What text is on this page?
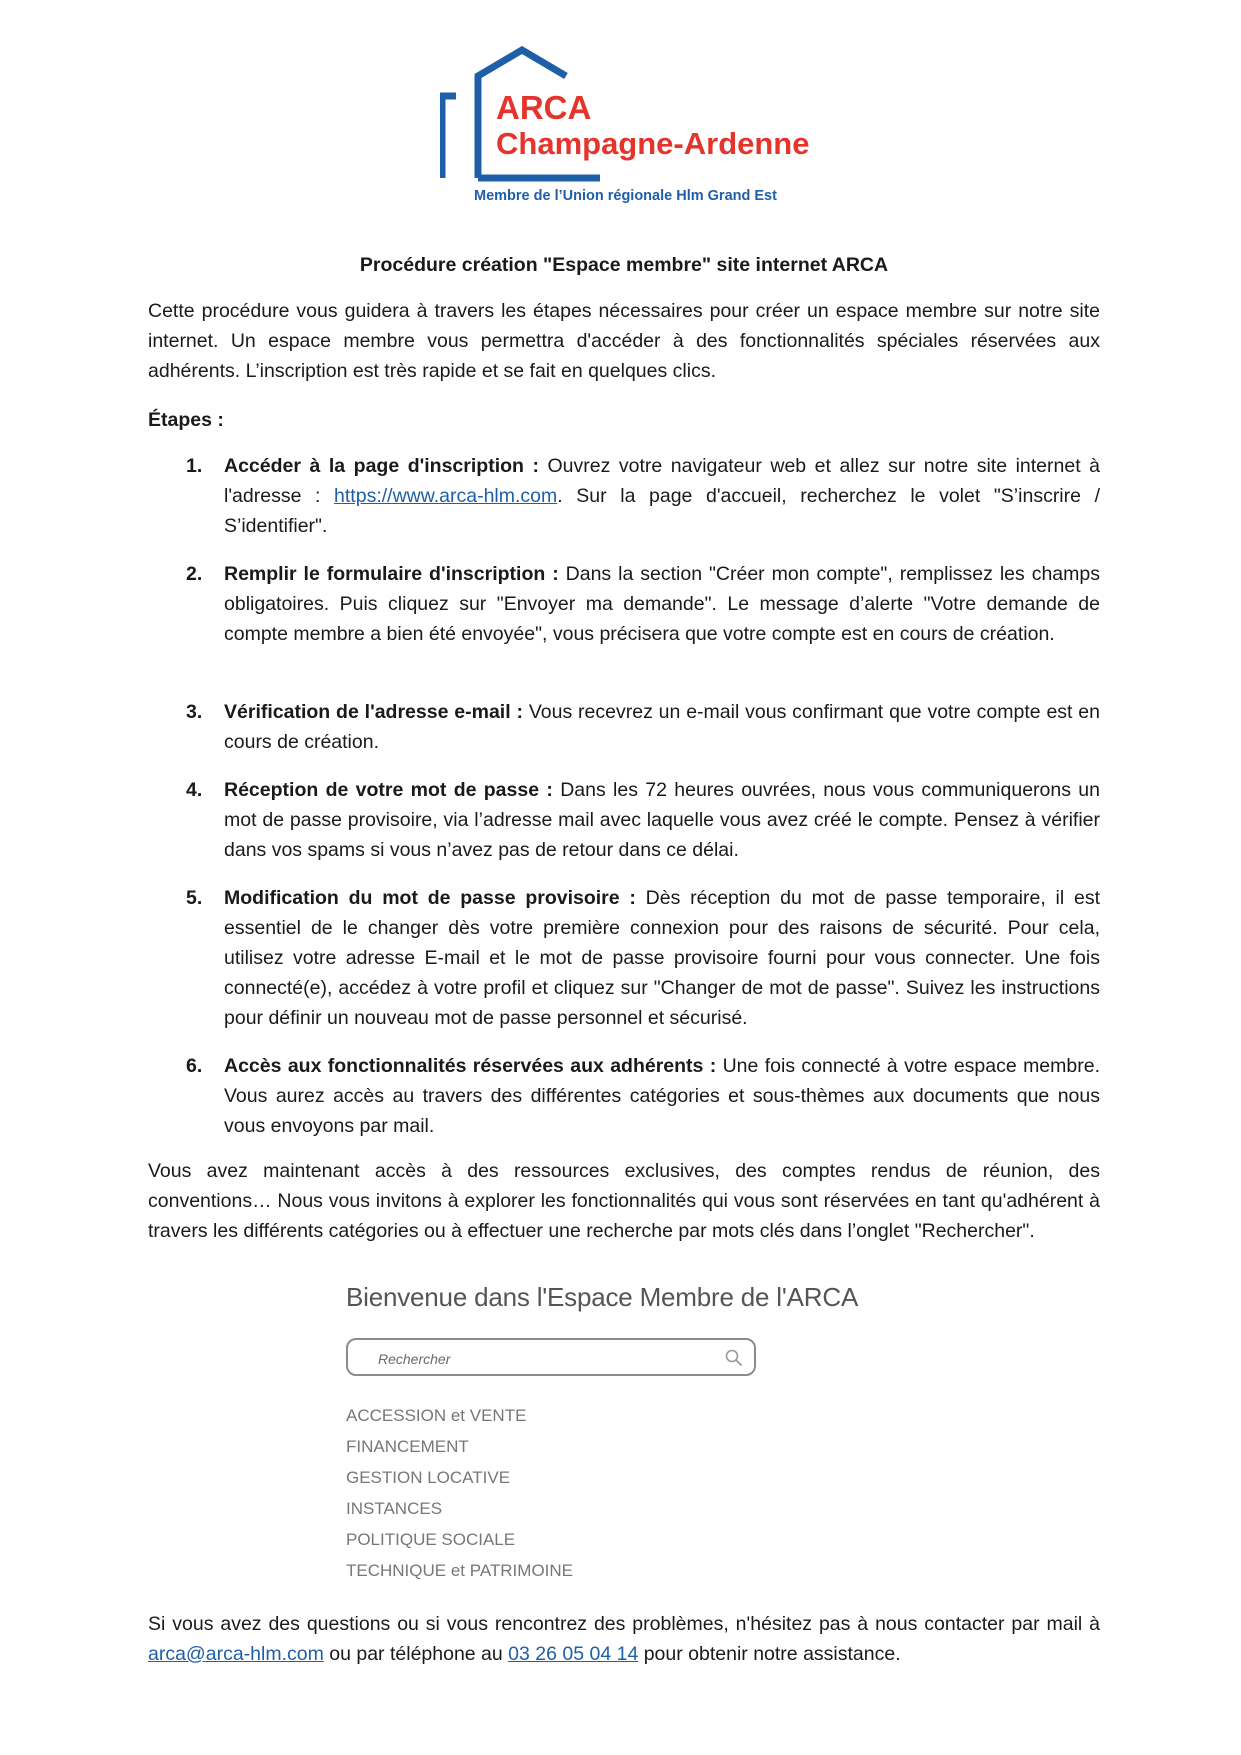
ARCA
Champagne-Ardenne
Membre de l’Union régionale Hlm Grand Est
Procédure création "Espace membre" site internet ARCA
Cette procédure vous guidera à travers les étapes nécessaires pour créer un espace membre sur notre site internet. Un espace membre vous permettra d'accéder à des fonctionnalités spéciales réservées aux adhérents. L’inscription est très rapide et se fait en quelques clics.
Étapes :
1. Accéder à la page d'inscription : Ouvrez votre navigateur web et allez sur notre site internet à l'adresse : https://www.arca-hlm.com. Sur la page d'accueil, recherchez le volet "S’inscrire / S’identifier".
2. Remplir le formulaire d'inscription : Dans la section "Créer mon compte", remplissez les champs obligatoires. Puis cliquez sur "Envoyer ma demande". Le message d’alerte "Votre demande de compte membre a bien été envoyée", vous précisera que votre compte est en cours de création.
3. Vérification de l'adresse e-mail : Vous recevrez un e-mail vous confirmant que votre compte est en cours de création.
4. Réception de votre mot de passe : Dans les 72 heures ouvrées, nous vous communiquerons un mot de passe provisoire, via l’adresse mail avec laquelle vous avez créé le compte. Pensez à vérifier dans vos spams si vous n’avez pas de retour dans ce délai.
5. Modification du mot de passe provisoire : Dès réception du mot de passe temporaire, il est essentiel de le changer dès votre première connexion pour des raisons de sécurité. Pour cela, utilisez votre adresse E-mail et le mot de passe provisoire fourni pour vous connecter. Une fois connecté(e), accédez à votre profil et cliquez sur "Changer de mot de passe". Suivez les instructions pour définir un nouveau mot de passe personnel et sécurisé.
6. Accès aux fonctionnalités réservées aux adhérents : Une fois connecté à votre espace membre. Vous aurez accès au travers des différentes catégories et sous-thèmes aux documents que nous vous envoyons par mail.
Vous avez maintenant accès à des ressources exclusives, des comptes rendus de réunion, des conventions… Nous vous invitons à explorer les fonctionnalités qui vous sont réservées en tant qu'adhérent à travers les différents catégories ou à effectuer une recherche par mots clés dans l’onglet "Rechercher".
Bienvenue dans l'Espace Membre de l'ARCA
Rechercher
ACCESSION et VENTE
FINANCEMENT
GESTION LOCATIVE
INSTANCES
POLITIQUE SOCIALE
TECHNIQUE et PATRIMOINE
Si vous avez des questions ou si vous rencontrez des problèmes, n'hésitez pas à nous contacter par mail à arca@arca-hlm.com ou par téléphone au 03 26 05 04 14 pour obtenir notre assistance.
